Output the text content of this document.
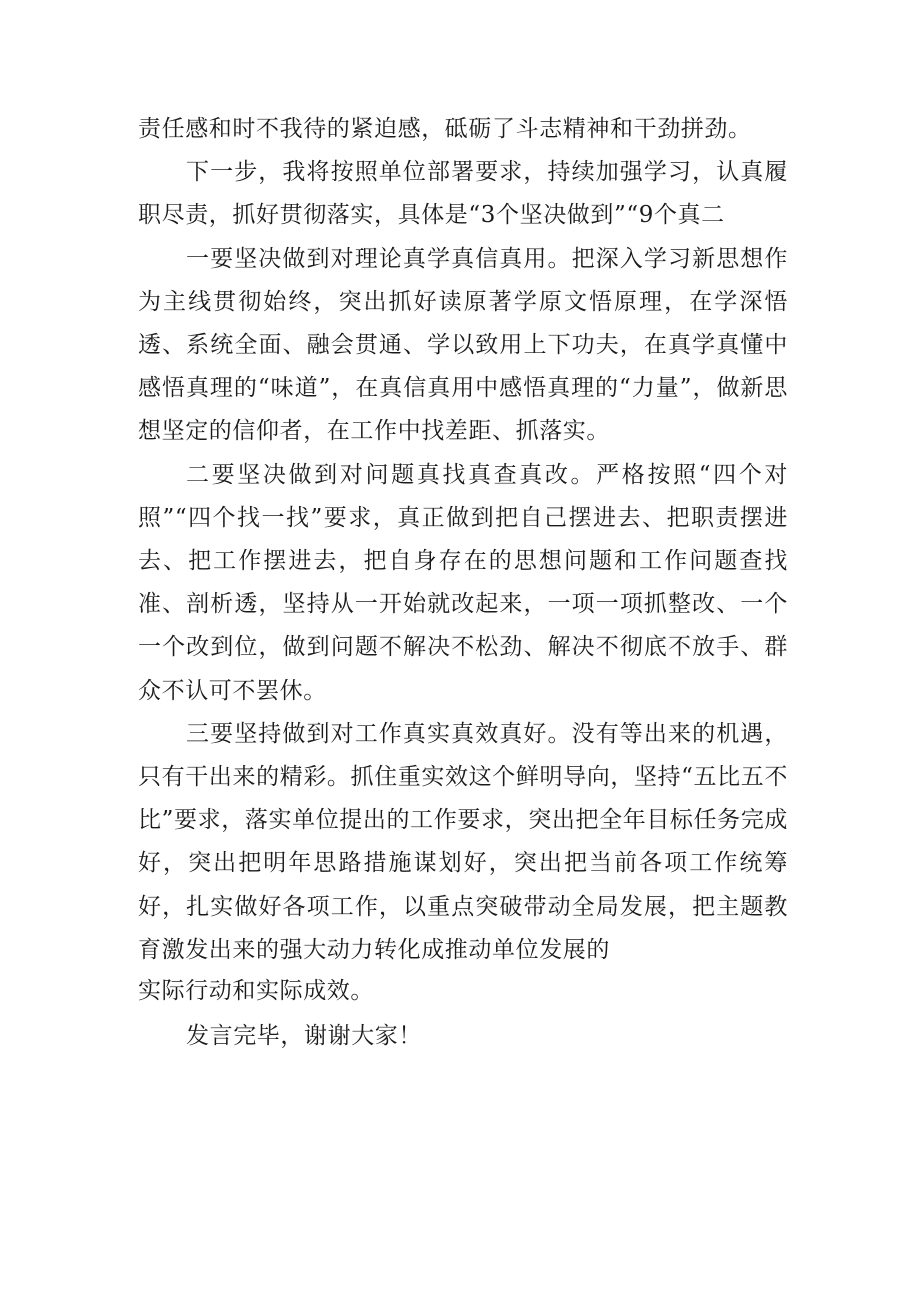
责任感和时不我待的紧迫感，砥砺了斗志精神和干劲拼劲。

下一步，我将按照单位部署要求，持续加强学习，认真履职尽责，抓好贯彻落实，具体是“3个坚决做到”“9个真二

一要坚决做到对理论真学真信真用。把深入学习新思想作为主线贯彻始终，突出抓好读原著学原文悟原理，在学深悟透、系统全面、融会贯通、学以致用上下功夫，在真学真懂中感悟真理的“味道”，在真信真用中感悟真理的“力量”，做新思想坚定的信仰者，在工作中找差距、抓落实。

二要坚决做到对问题真找真查真改。严格按照“四个对照”“四个找一找”要求，真正做到把自己摆进去、把职责摆进去、把工作摆进去，把自身存在的思想问题和工作问题查找准、剖析透，坚持从一开始就改起来，一项一项抓整改、一个一个改到位，做到问题不解决不松劲、解决不彻底不放手、群众不认可不罢休。

三要坚持做到对工作真实真效真好。没有等出来的机遇，只有干出来的精彩。抓住重实效这个鲜明导向，坚持“五比五不比”要求，落实单位提出的工作要求，突出把全年目标任务完成好，突出把明年思路措施谋划好，突出把当前各项工作统筹好，扎实做好各项工作，以重点突破带动全局发展，把主题教育激发出来的强大动力转化成推动单位发展的

实际行动和实际成效。

发言完毕，谢谢大家！
